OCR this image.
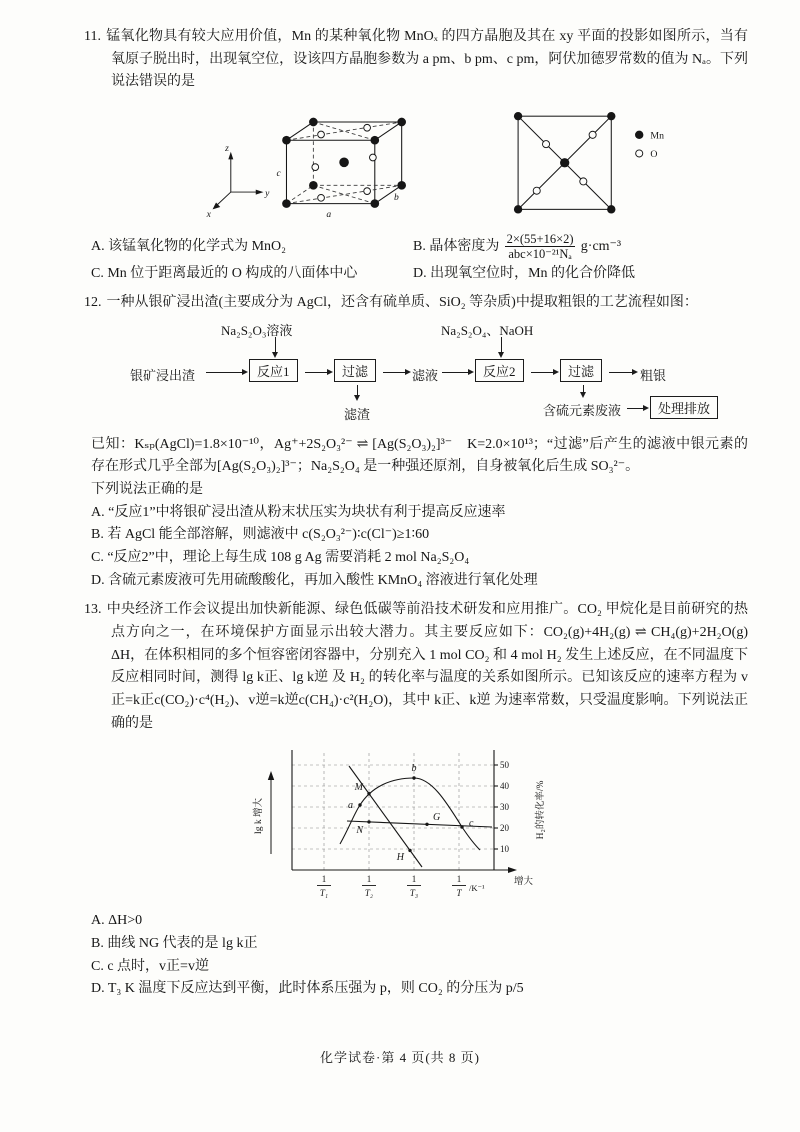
11. 锰氧化物具有较大应用价值，Mn 的某种氧化物 MnOₓ 的四方晶胞及其在 xy 平面的投影如图所示，当有氧原子脱出时，出现氧空位，设该四方晶胞参数为 a pm、b pm、c pm，阿伏加德罗常数的值为 Nₐ。下列说法错误的是

z
y
x
c
a
b
Mn
O
A. 该锰氧化物的化学式为 MnO₂	B. 晶体密度为 $\frac{2\times(55+16\times 2)}{\text{abc×10⁻²¹Nₐ}} g\cdot cm^{-3}$
C. Mn 位于距离最近的 O 构成的八面体中心	D. 出现氧空位时，Mn 的化合价降低

12. 一种从银矿浸出渣(主要成分为 AgCl，还含有硫单质、SiO₂ 等杂质)中提取粗银的工艺流程如图：

Na₂S₂O₃溶液	Na₂S₂O₄、NaOH
银矿浸出渣	反应1	过滤	滤液	反应2	过滤	粗银
滤渣	含硫元素废液	处理排放

已知：Kₛₚ(AgCl)=1.8×10⁻¹⁰，Ag⁺+2S₂O₃²⁻ ⇌ [Ag(S₂O₃)₂]³⁻　K=2.0×10¹³；“过滤”后产生的滤液中银元素的存在形式几乎全部为[Ag(S₂O₃)₂]³⁻；Na₂S₂O₄ 是一种强还原剂，自身被氧化后生成 SO₃²⁻。

下列说法正确的是

A. “反应1”中将银矿浸出渣从粉末状压实为块状有利于提高反应速率

B. 若 AgCl 能全部溶解，则滤液中 c(S₂O₃²⁻)∶c(Cl⁻)≥1∶60

C. “反应2”中，理论上每生成 108 g Ag 需要消耗 2 mol Na₂S₂O₄

D. 含硫元素废液可先用硫酸酸化，再加入酸性 KMnO₄ 溶液进行氧化处理

13. 中央经济工作会议提出加快新能源、绿色低碳等前沿技术研发和应用推广。CO₂ 甲烷化是目前研究的热点方向之一，在环境保护方面显示出较大潜力。其主要反应如下：CO₂(g)+4H₂(g) ⇌ CH₄(g)+2H₂O(g)　ΔH，在体积相同的多个恒容密闭容器中，分别充入 1 mol CO₂ 和 4 mol H₂ 发生上述反应，在不同温度下反应相同时间，测得 lg k正、lg k逆 及 H₂ 的转化率与温度的关系如图所示。已知该反应的速率方程为 v正=k正c(CO₂)·c⁴(H₂)、v逆=k逆c(CH₄)·c²(H₂O)，其中 k正、k逆 为速率常数，只受温度影响。下列说法正确的是

lg k 增大	H₂的转化率/%
50
40
30
20
10
1
T₁
1
T₂
1
T₃
1
T /K⁻¹
增大
M
N
G
H
a
b
c

A. ΔH>0

B. 曲线 NG 代表的是 lg k正

C. c 点时，v正=v逆

D. T₃ K 温度下反应达到平衡，此时体系压强为 p，则 CO₂ 的分压为 p/5

化学试卷·第 4 页(共 8 页)
